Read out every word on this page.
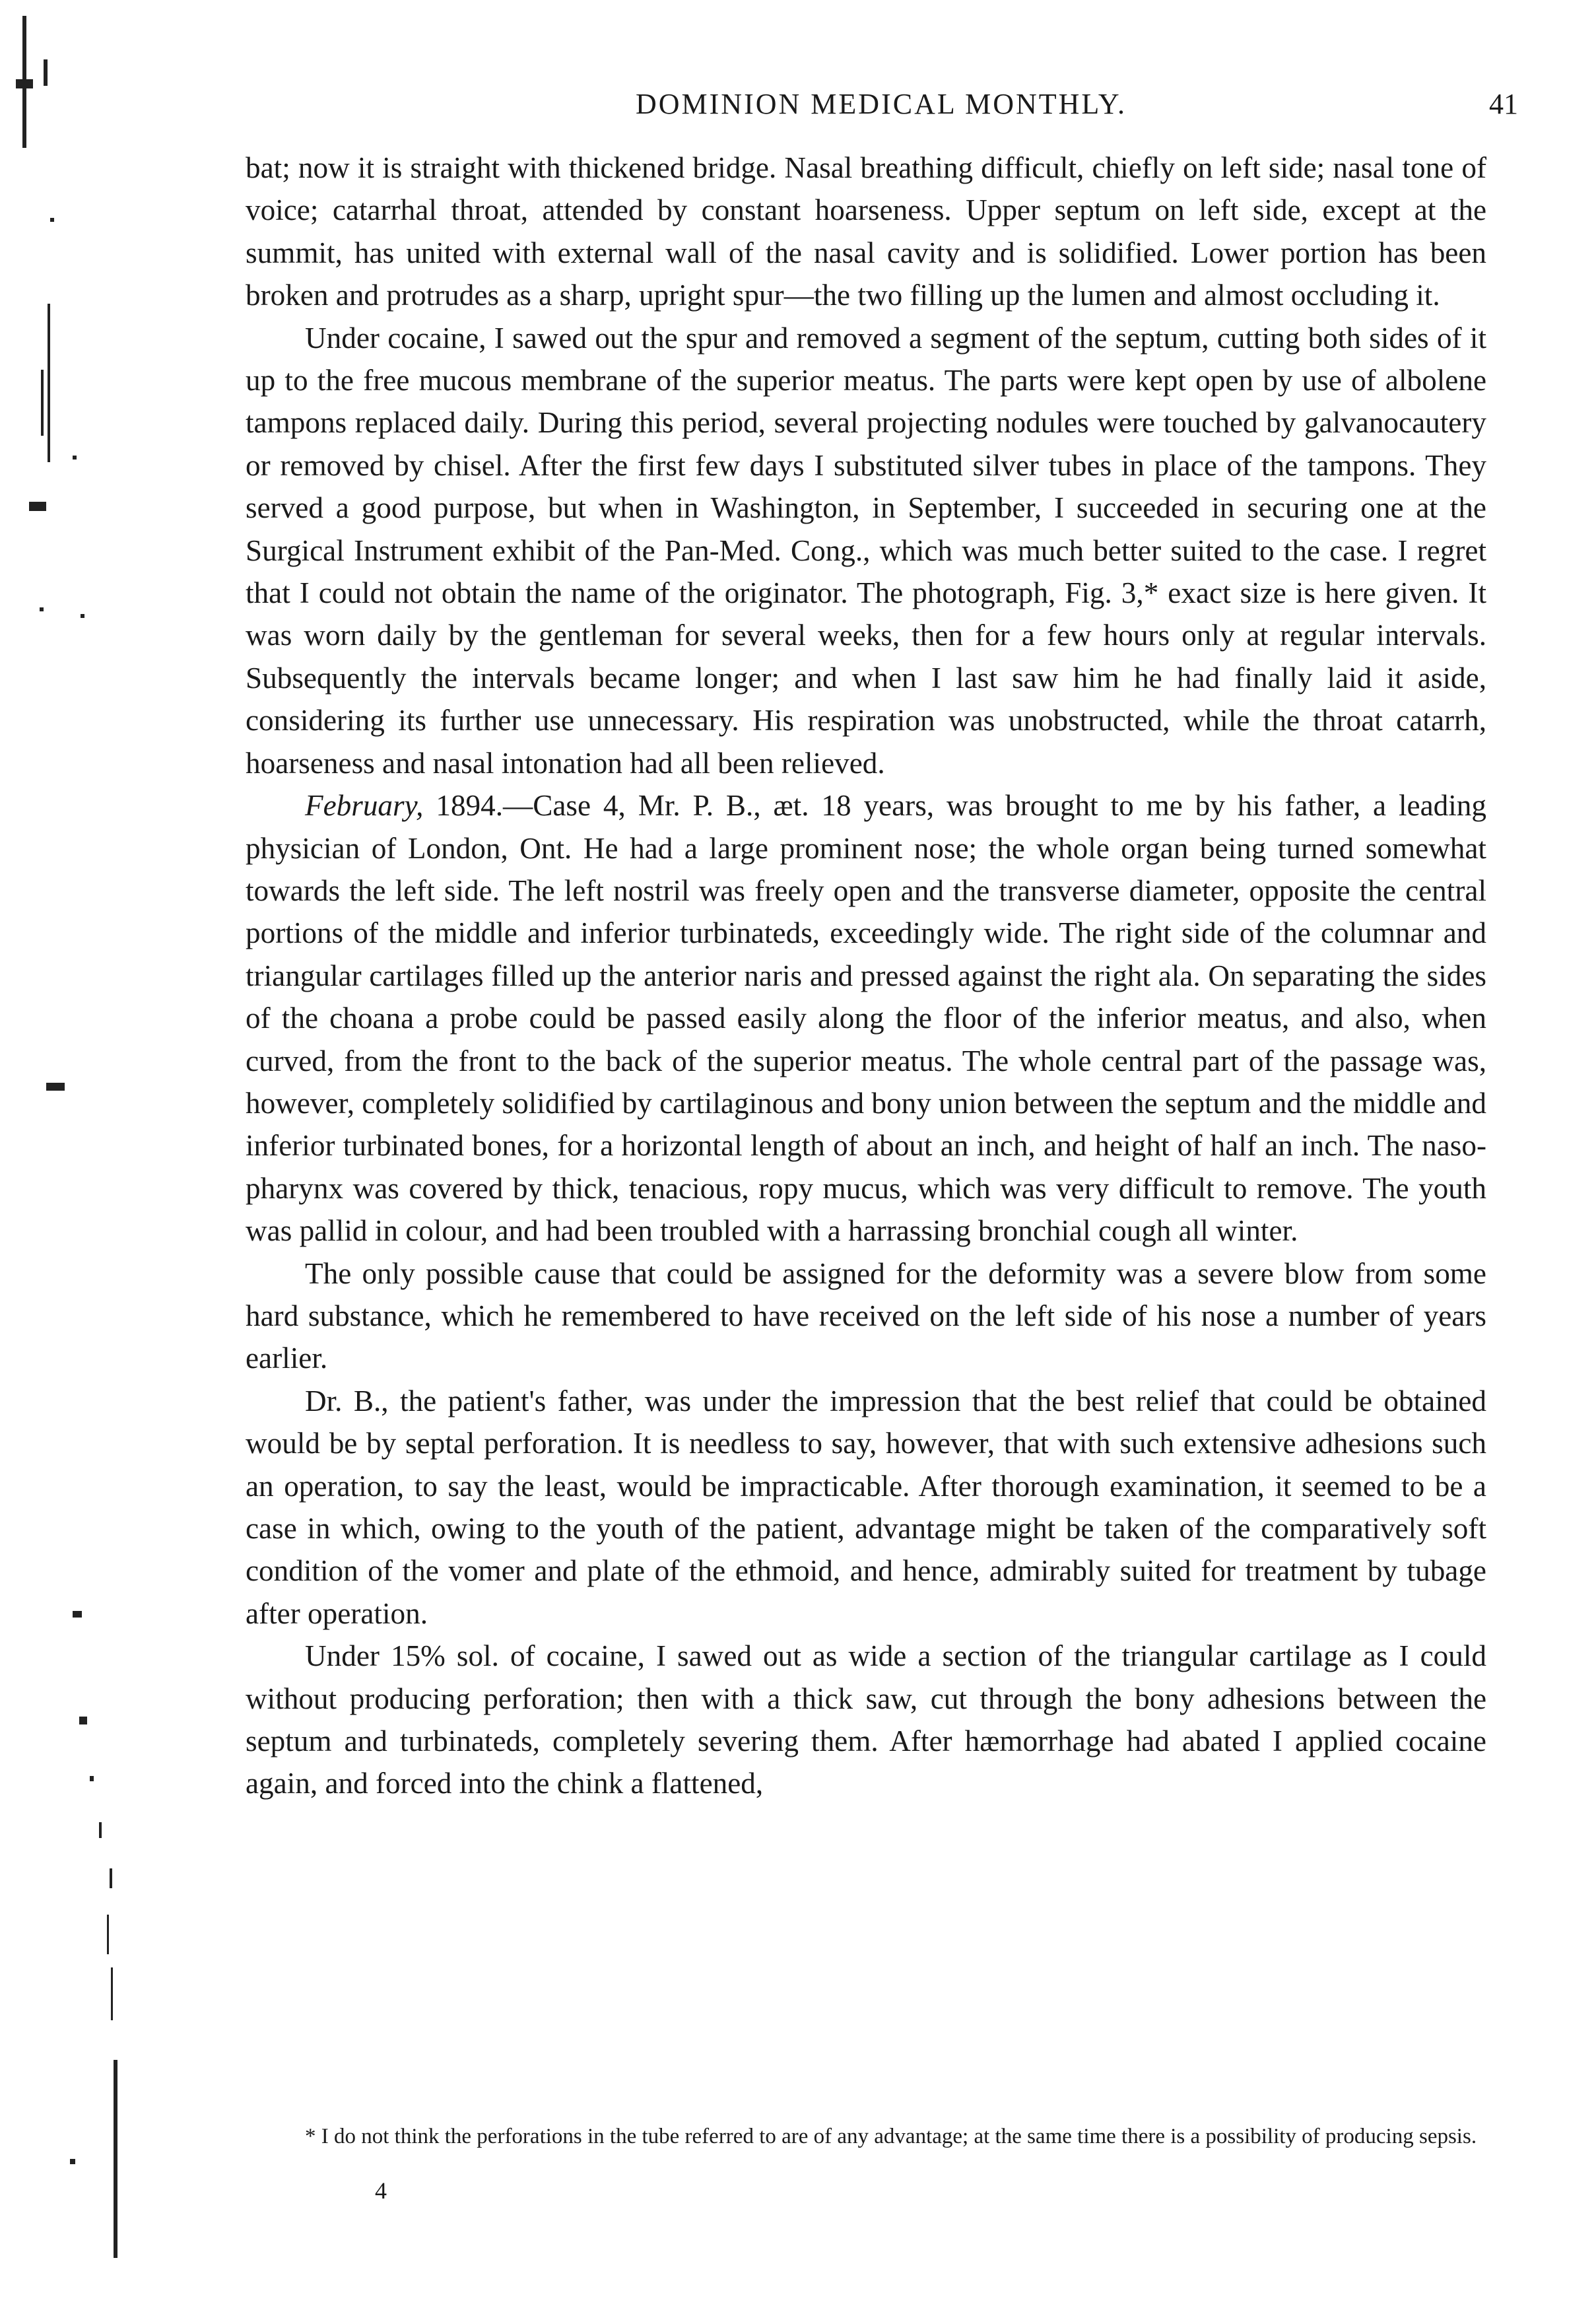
DOMINION MEDICAL MONTHLY.	41

bat; now it is straight with thickened bridge. Nasal breathing difficult, chiefly on left side; nasal tone of voice; catarrhal throat, attended by constant hoarseness. Upper septum on left side, except at the summit, has united with external wall of the nasal cavity and is solidified. Lower portion has been broken and protrudes as a sharp, upright spur—the two filling up the lumen and almost occluding it.

Under cocaine, I sawed out the spur and removed a segment of the septum, cutting both sides of it up to the free mucous membrane of the superior meatus. The parts were kept open by use of albolene tampons replaced daily. During this period, several projecting nodules were touched by galvanocautery or removed by chisel. After the first few days I substituted silver tubes in place of the tampons. They served a good purpose, but when in Washington, in September, I succeeded in securing one at the Surgical Instrument exhibit of the Pan-Med. Cong., which was much better suited to the case. I regret that I could not obtain the name of the originator. The photograph, Fig. 3,* exact size is here given. It was worn daily by the gentleman for several weeks, then for a few hours only at regular intervals. Subsequently the intervals became longer; and when I last saw him he had finally laid it aside, considering its further use unnecessary. His respiration was unobstructed, while the throat catarrh, hoarseness and nasal intonation had all been relieved.

February, 1894.—Case 4, Mr. P. B., æt. 18 years, was brought to me by his father, a leading physician of London, Ont. He had a large prominent nose; the whole organ being turned somewhat towards the left side. The left nostril was freely open and the transverse diameter, opposite the central portions of the middle and inferior turbinateds, exceedingly wide. The right side of the columnar and triangular cartilages filled up the anterior naris and pressed against the right ala. On separating the sides of the choana a probe could be passed easily along the floor of the inferior meatus, and also, when curved, from the front to the back of the superior meatus. The whole central part of the passage was, however, completely solidified by cartilaginous and bony union between the septum and the middle and inferior turbinated bones, for a horizontal length of about an inch, and height of half an inch. The naso-pharynx was covered by thick, tenacious, ropy mucus, which was very difficult to remove. The youth was pallid in colour, and had been troubled with a harrassing bronchial cough all winter.

The only possible cause that could be assigned for the deformity was a severe blow from some hard substance, which he remembered to have received on the left side of his nose a number of years earlier.

Dr. B., the patient's father, was under the impression that the best relief that could be obtained would be by septal perforation. It is needless to say, however, that with such extensive adhesions such an operation, to say the least, would be impracticable. After thorough examination, it seemed to be a case in which, owing to the youth of the patient, advantage might be taken of the comparatively soft condition of the vomer and plate of the ethmoid, and hence, admirably suited for treatment by tubage after operation.

Under 15% sol. of cocaine, I sawed out as wide a section of the triangular cartilage as I could without producing perforation; then with a thick saw, cut through the bony adhesions between the septum and turbinateds, completely severing them. After hæmorrhage had abated I applied cocaine again, and forced into the chink a flattened,

* I do not think the perforations in the tube referred to are of any advantage; at the same time there is a possibility of producing sepsis.

4
